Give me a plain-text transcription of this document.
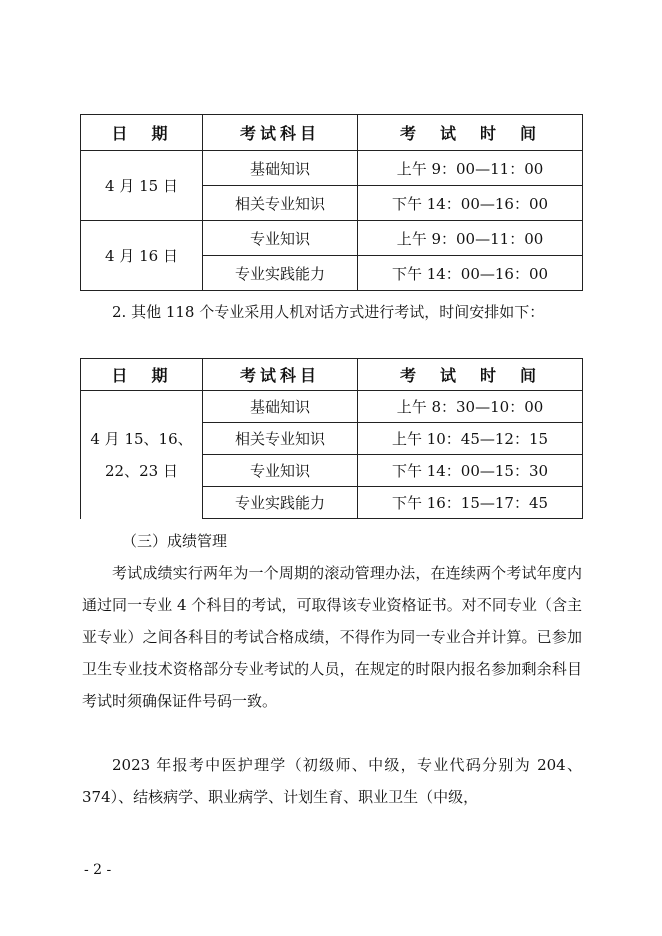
日　期	考试科目	考　试　时　间
4 月 15 日	基础知识	上午 9：00—11：00
	相关专业知识	下午 14：00—16：00
4 月 16 日	专业知识	上午 9：00—11：00
	专业实践能力	下午 14：00—16：00

2. 其他 118 个专业采用人机对话方式进行考试，时间安排如下：

日　期	考试科目	考　试　时　间

4 月 15、16、
22、23 日	基础知识	上午 8：30—10：00
	相关专业知识	上午 10：45—12：15
	专业知识	下午 14：00—15：30
	专业实践能力	下午 16：15—17：45

（三）成绩管理

考试成绩实行两年为一个周期的滚动管理办法，在连续两个考试年度内通过同一专业 4 个科目的考试，可取得该专业资格证书。对不同专业（含主亚专业）之间各科目的考试合格成绩，不得作为同一专业合并计算。已参加卫生专业技术资格部分专业考试的人员，在规定的时限内报名参加剩余科目考试时须确保证件号码一致。

2023 年报考中医护理学（初级师、中级，专业代码分别为 204、374）、结核病学、职业病学、计划生育、职业卫生（中级，

- 2 -
